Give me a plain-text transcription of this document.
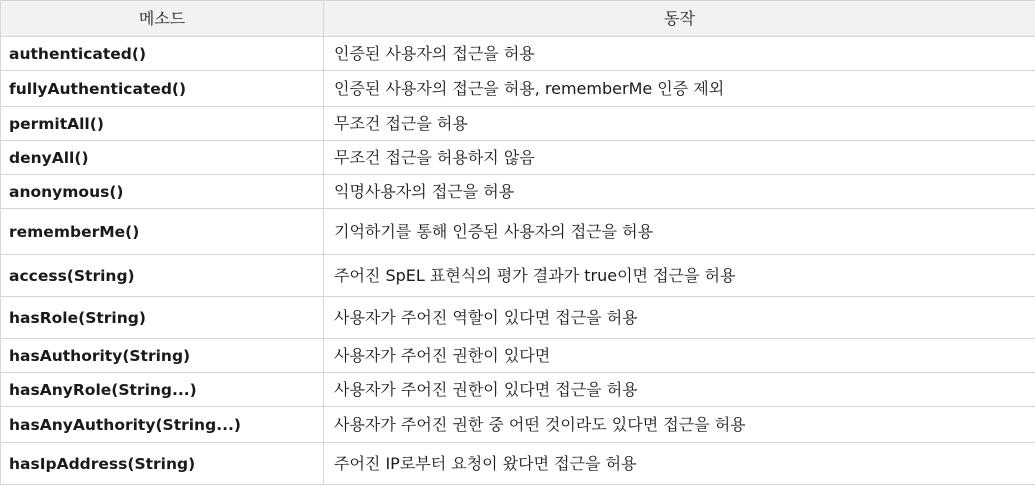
메소드	동작
authenticated()	인증된 사용자의 접근을 허용
fullyAuthenticated()	인증된 사용자의 접근을 허용, rememberMe 인증 제외
permitAll()	무조건 접근을 허용
denyAll()	무조건 접근을 허용하지 않음
anonymous()	익명사용자의 접근을 허용
rememberMe()	기억하기를 통해 인증된 사용자의 접근을 허용
access(String)	주어진 SpEL 표현식의 평가 결과가 true이면 접근을 허용
hasRole(String)	사용자가 주어진 역할이 있다면 접근을 허용
hasAuthority(String)	사용자가 주어진 권한이 있다면
hasAnyRole(String...)	사용자가 주어진 권한이 있다면 접근을 허용
hasAnyAuthority(String...)	사용자가 주어진 권한 중 어떤 것이라도 있다면 접근을 허용
hasIpAddress(String)	주어진 IP로부터 요청이 왔다면 접근을 허용
